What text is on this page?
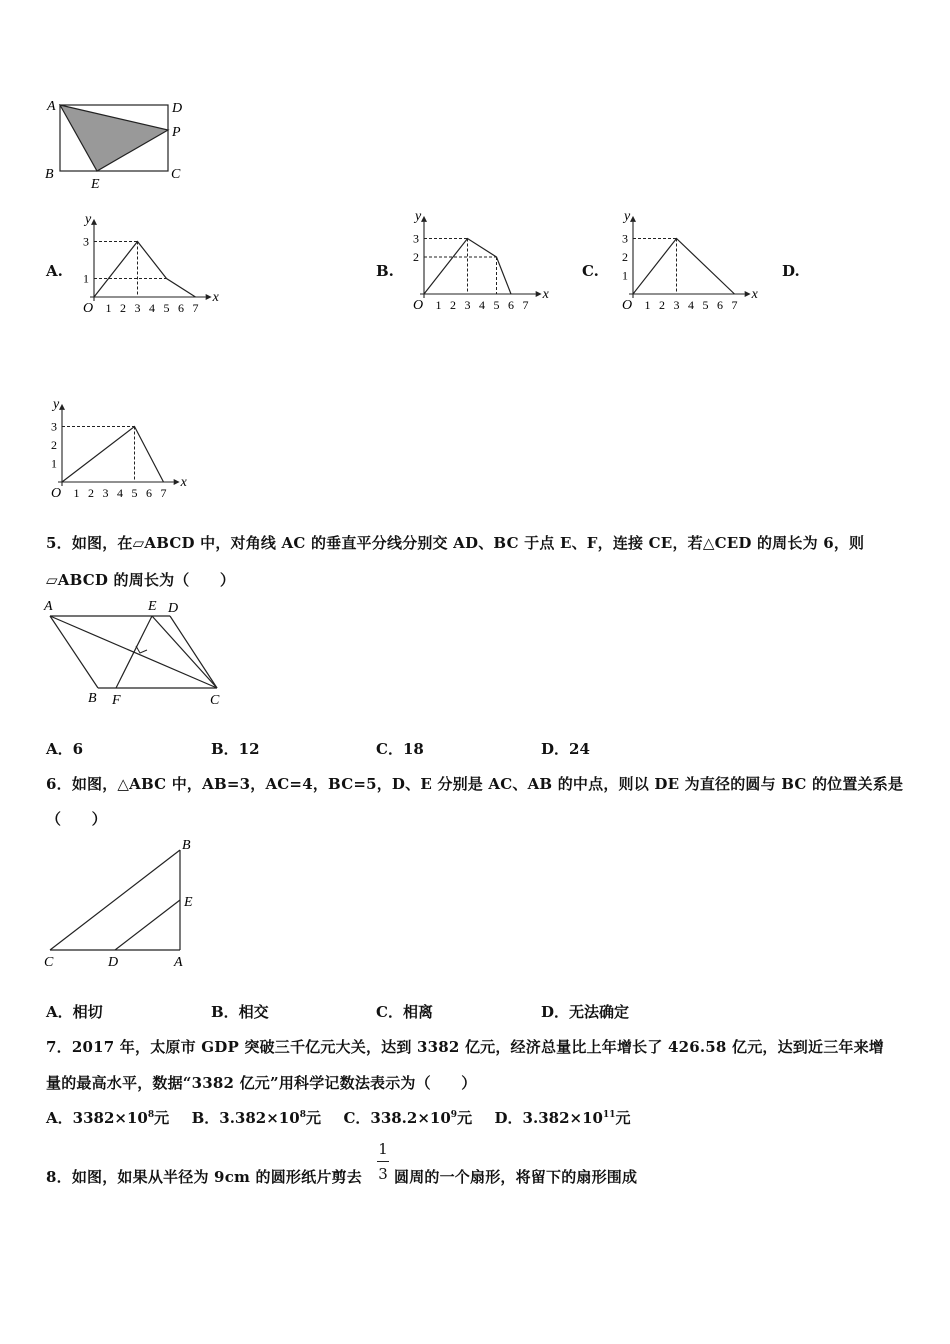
A	D
P
B
E
C
A.	B.	C.	D.
y
x
O 1 2 3 4 5 6 7
3
1
y
x
O 1 2 3 4 5 6 7
3
2
y
x
O 1 2 3 4 5 6 7
3
2
1
y
x
O 1 2 3 4 5 6 7
3
2
1
5．如图，在▱ABCD 中，对角线 AC 的垂直平分线分别交 AD、BC 于点 E、F，连接 CE，若△CED 的周长为 6，则
▱ABCD 的周长为（　　）
A	E D
B F	C
A．6	B．12	C．18	D．24
6．如图，△ABC 中，AB=3，AC=4，BC=5，D、E 分别是 AC、AB 的中点，则以 DE 为直径的圆与 BC 的位置关系是
（　　）
B
E
C	D	A
A．相切	B．相交	C．相离	D．无法确定
7．2017 年，太原市 GDP 突破三千亿元大关，达到 3382 亿元，经济总量比上年增长了 426.58 亿元，达到近三年来增
量的最高水平，数据“3382 亿元”用科学记数法表示为（　　）
A．$3382\times 10^8$元 B．$3.382\times 10^8$元 C．$338.2\times 10^9$元 D．$3.382\times 10^{11}$元
8．如图，如果从半径为 9cm 的圆形纸片剪去
1
3 圆周的一个扇形，将留下的扇形围成
